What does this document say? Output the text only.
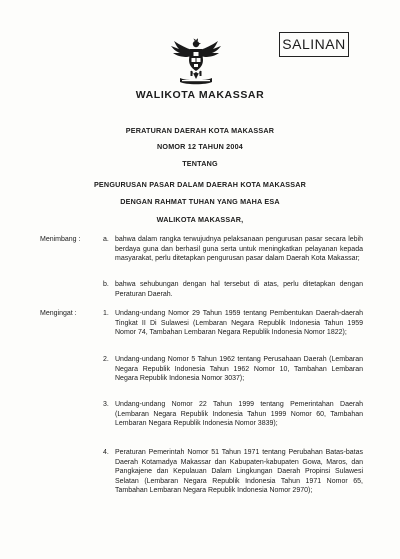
SALINAN
WALIKOTA MAKASSAR
PERATURAN DAERAH KOTA MAKASSAR
NOMOR 12 TAHUN 2004
TENTANG
PENGURUSAN PASAR DALAM DAERAH KOTA MAKASSAR
DENGAN RAHMAT TUHAN YANG MAHA ESA
WALIKOTA MAKASSAR,
Menimbang :	a. bahwa dalam rangka terwujudnya pelaksanaan pengurusan pasar secara lebih berdaya guna dan berhasil guna serta untuk meningkatkan pelayanan kepada masyarakat, perlu ditetapkan pengurusan pasar dalam Daerah Kota Makassar;
b. bahwa sehubungan dengan hal tersebut di atas, perlu ditetapkan dengan Peraturan Daerah.
Mengingat :	1. Undang-undang Nomor 29 Tahun 1959 tentang Pembentukan Daerah-daerah Tingkat II Di Sulawesi (Lembaran Negara Republik Indonesia Tahun 1959 Nomor 74, Tambahan Lembaran Negara Republik Indonesia Nomor 1822);
2. Undang-undang Nomor 5 Tahun 1962 tentang Perusahaan Daerah (Lembaran Negara Republik Indonesia Tahun 1962 Nomor 10, Tambahan Lembaran Negara Republik Indonesia Nomor 3037);
3. Undang-undang Nomor 22 Tahun 1999 tentang Pemerintahan Daerah (Lembaran Negara Republik Indonesia Tahun 1999 Nomor 60, Tambahan Lembaran Negara Republik Indonesia Nomor 3839);
4. Peraturan Pemerintah Nomor 51 Tahun 1971 tentang Perubahan Batas-batas Daerah Kotamadya Makassar dan Kabupaten-kabupaten Gowa, Maros, dan Pangkajene dan Kepulauan Dalam Lingkungan Daerah Propinsi Sulawesi Selatan (Lembaran Negara Republik Indonesia Tahun 1971 Nomor 65, Tambahan Lembaran Negara Republik Indonesia Nomor 2970);
